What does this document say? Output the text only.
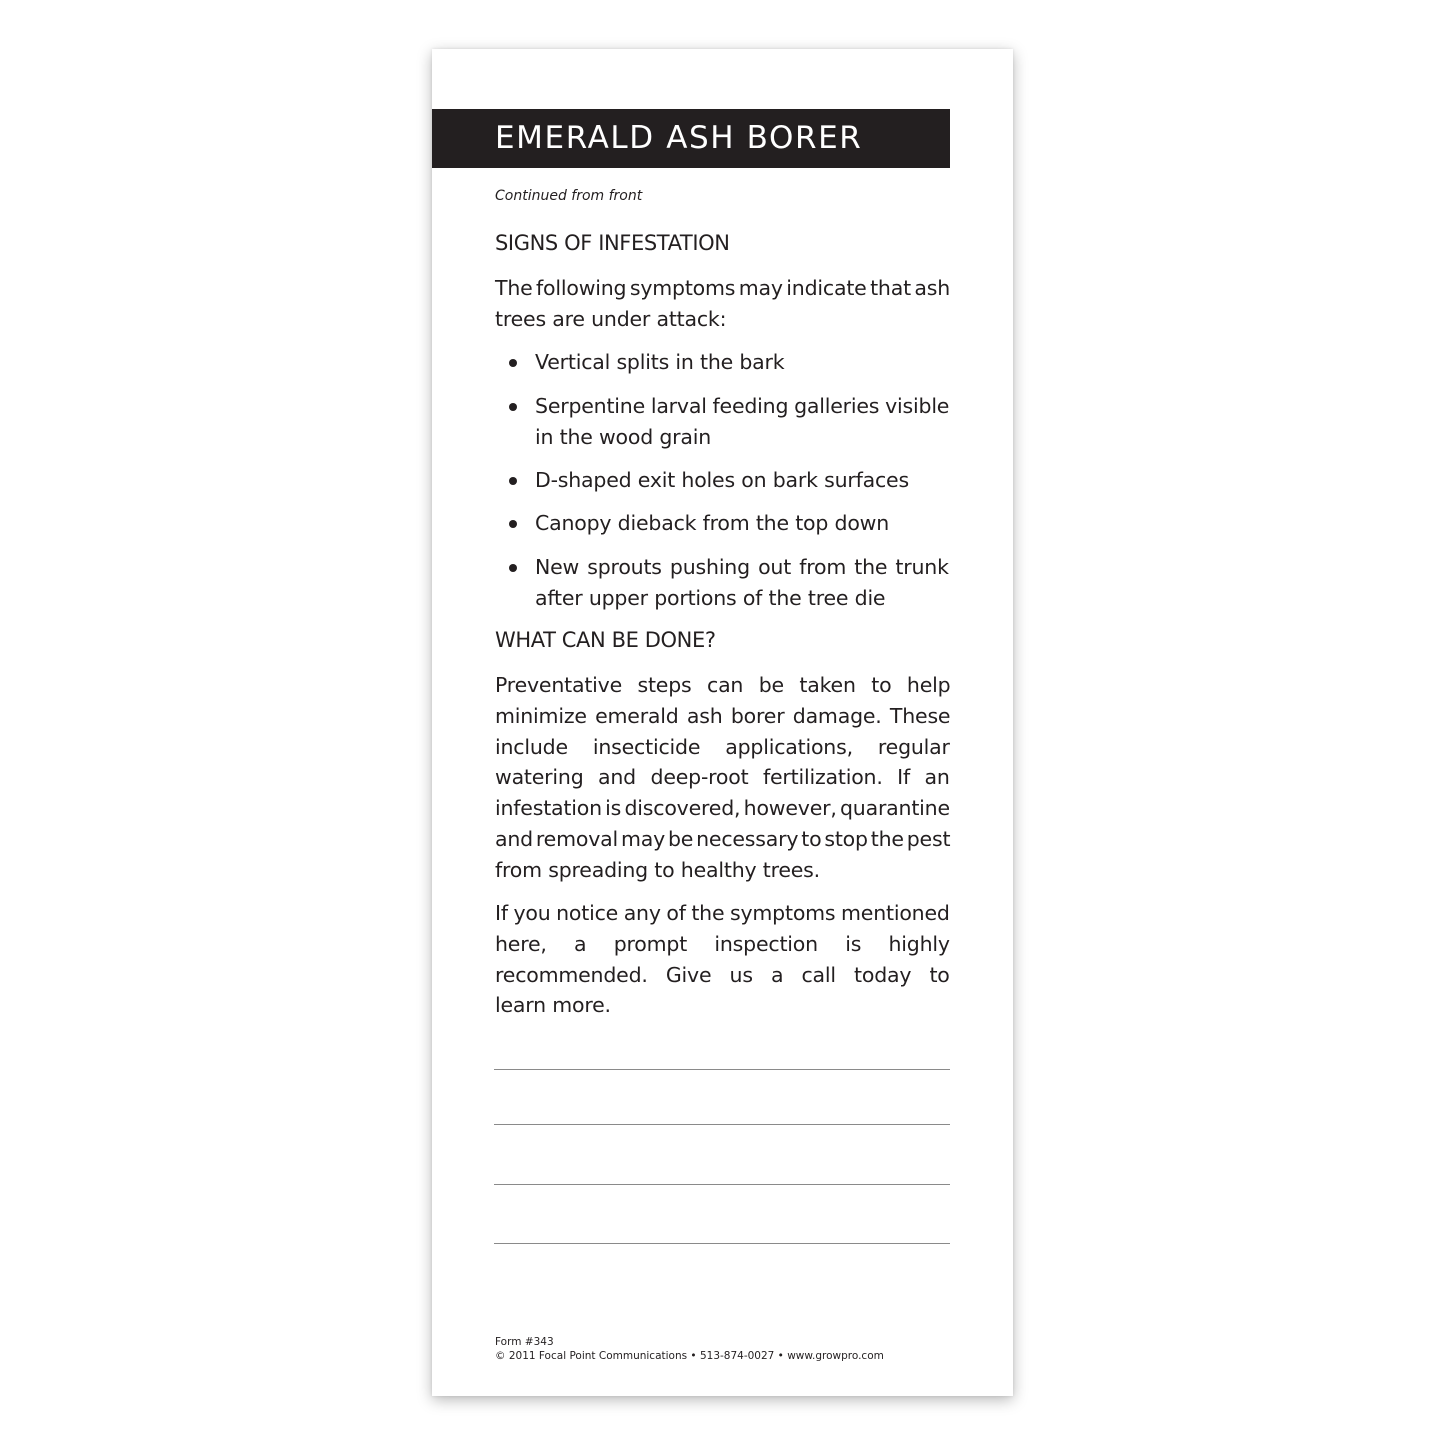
EMERALD ASH BORER
Continued from front
SIGNS OF INFESTATION
The following symptoms may indicate that ash
trees are under attack:
Vertical splits in the bark
Serpentine larval feeding galleries visible
in the wood grain
D-shaped exit holes on bark surfaces
Canopy dieback from the top down
New sprouts pushing out from the trunk
after upper portions of the tree die
WHAT CAN BE DONE?
Preventative steps can be taken to help
minimize emerald ash borer damage. These
include insecticide applications, regular
watering and deep-root fertilization. If an
infestation is discovered, however, quarantine
and removal may be necessary to stop the pest
from spreading to healthy trees.
If you notice any of the symptoms mentioned
here, a prompt inspection is highly
recommended. Give us a call today to
learn more.
Form #343
© 2011 Focal Point Communications • 513-874-0027 • www.growpro.com
